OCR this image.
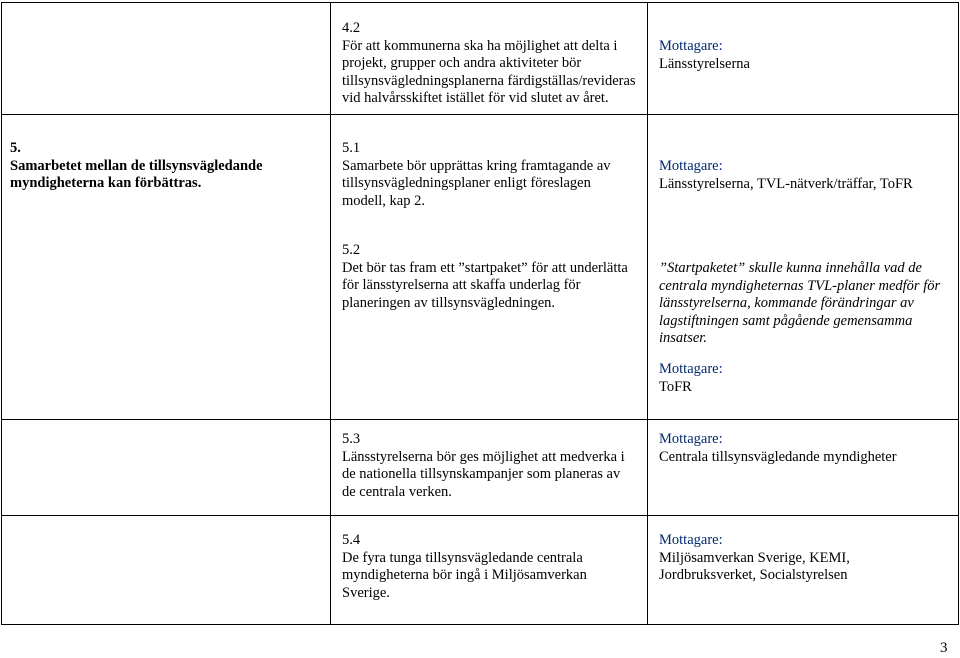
4.2
För att kommunerna ska ha möjlighet att delta i
projekt, grupper och andra aktiviteter bör
tillsynsvägledningsplanerna färdigställas/revideras
vid halvårsskiftet istället för vid slutet av året.
Mottagare:
Länsstyrelserna
5.
Samarbetet mellan de tillsynsvägledande
myndigheterna kan förbättras.
5.1
Samarbete bör upprättas kring framtagande av
tillsynsvägledningsplaner enligt föreslagen
modell, kap 2.
Mottagare:
Länsstyrelserna, TVL-nätverk/träffar, ToFR
5.2
Det bör tas fram ett ”startpaket” för att underlätta
för länsstyrelserna att skaffa underlag för
planeringen av tillsynsvägledningen.
”Startpaketet” skulle kunna innehålla vad de
centrala myndigheternas TVL-planer medför för
länsstyrelserna, kommande förändringar av
lagstiftningen samt pågående gemensamma
insatser.
Mottagare:
ToFR
5.3
Länsstyrelserna bör ges möjlighet att medverka i
de nationella tillsynskampanjer som planeras av
de centrala verken.
Mottagare:
Centrala tillsynsvägledande myndigheter
5.4
De fyra tunga tillsynsvägledande centrala
myndigheterna bör ingå i Miljösamverkan
Sverige.
Mottagare:
Miljösamverkan Sverige, KEMI,
Jordbruksverket, Socialstyrelsen
3
